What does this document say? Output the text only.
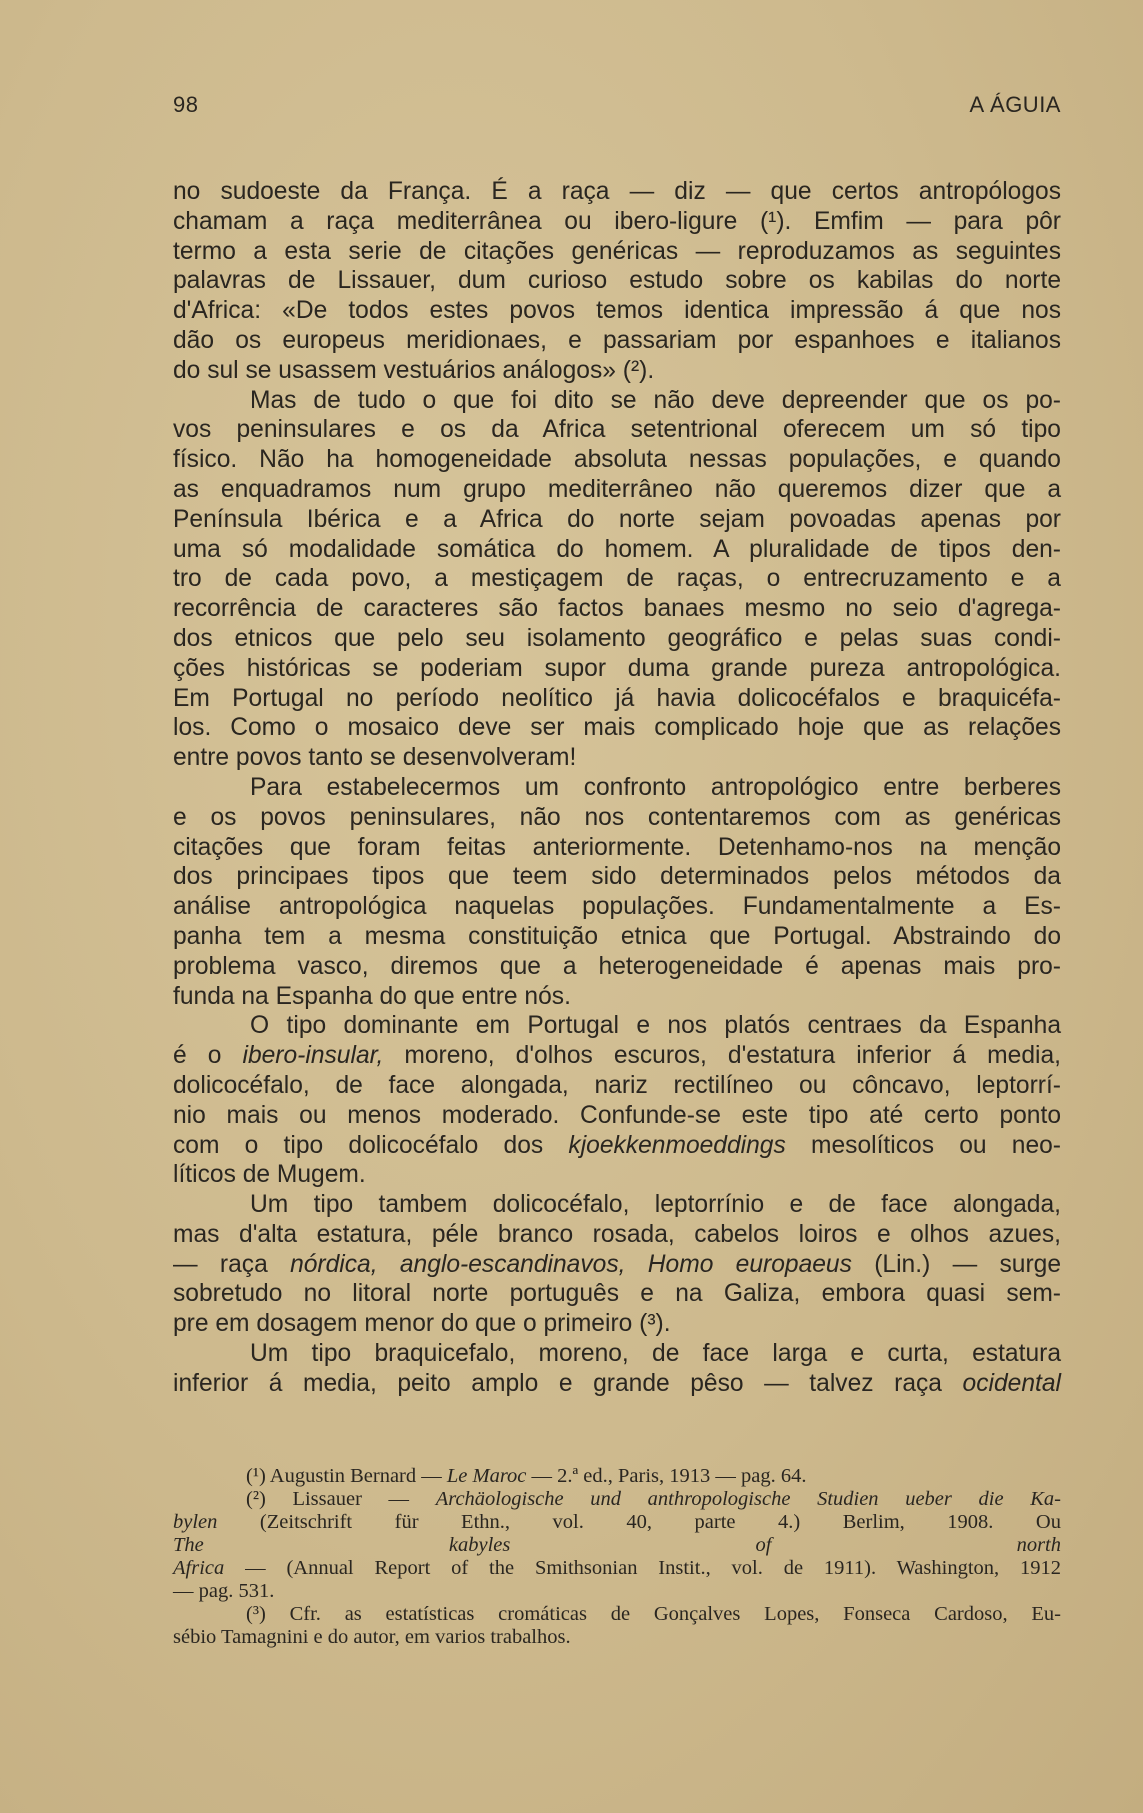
98	A ÁGUIA
no sudoeste da França. É a raça — diz — que certos antropólogos
chamam a raça mediterrânea ou ibero-ligure (¹). Emfim — para pôr
termo a esta serie de citações genéricas — reproduzamos as seguintes
palavras de Lissauer, dum curioso estudo sobre os kabilas do norte
d'Africa: «De todos estes povos temos identica impressão á que nos
dão os europeus meridionaes, e passariam por espanhoes e italianos
do sul se usassem vestuários análogos» (²).
Mas de tudo o que foi dito se não deve depreender que os po-
vos peninsulares e os da Africa setentrional oferecem um só tipo
físico. Não ha homogeneidade absoluta nessas populações, e quando
as enquadramos num grupo mediterrâneo não queremos dizer que a
Península Ibérica e a Africa do norte sejam povoadas apenas por
uma só modalidade somática do homem. A pluralidade de tipos den-
tro de cada povo, a mestiçagem de raças, o entrecruzamento e a
recorrência de caracteres são factos banaes mesmo no seio d'agrega-
dos etnicos que pelo seu isolamento geográfico e pelas suas condi-
ções históricas se poderiam supor duma grande pureza antropológica.
Em Portugal no período neolítico já havia dolicocéfalos e braquicéfa-
los. Como o mosaico deve ser mais complicado hoje que as relações
entre povos tanto se desenvolveram!
Para estabelecermos um confronto antropológico entre berberes
e os povos peninsulares, não nos contentaremos com as genéricas
citações que foram feitas anteriormente. Detenhamo-nos na menção
dos principaes tipos que teem sido determinados pelos métodos da
análise antropológica naquelas populações. Fundamentalmente a Es-
panha tem a mesma constituição etnica que Portugal. Abstraindo do
problema vasco, diremos que a heterogeneidade é apenas mais pro-
funda na Espanha do que entre nós.
O tipo dominante em Portugal e nos platós centraes da Espanha
é o ibero-insular, moreno, d'olhos escuros, d'estatura inferior á media,
dolicocéfalo, de face alongada, nariz rectilíneo ou côncavo, leptorrí-
nio mais ou menos moderado. Confunde-se este tipo até certo ponto
com o tipo dolicocéfalo dos kjoekkenmoeddings mesolíticos ou neo-
líticos de Mugem.
Um tipo tambem dolicocéfalo, leptorrínio e de face alongada,
mas d'alta estatura, péle branco rosada, cabelos loiros e olhos azues,
— raça nórdica, anglo-escandinavos, Homo europaeus (Lin.) — surge
sobretudo no litoral norte português e na Galiza, embora quasi sem-
pre em dosagem menor do que o primeiro (³).
Um tipo braquicefalo, moreno, de face larga e curta, estatura
inferior á media, peito amplo e grande pêso — talvez raça ocidental
(¹) Augustin Bernard — Le Maroc — 2.ª ed., Paris, 1913 — pag. 64.
(²) Lissauer — Archäologische und anthropologische Studien ueber die Ka-
bylen (Zeitschrift für Ethn., vol. 40, parte 4.) Berlim, 1908. Ou
The kabyles of north
Africa — (Annual Report of the Smithsonian Instit., vol. de 1911). Washington, 1912
— pag. 531.
(³) Cfr. as estatísticas cromáticas de Gonçalves Lopes, Fonseca Cardoso, Eu-
sébio Tamagnini e do autor, em varios trabalhos.
